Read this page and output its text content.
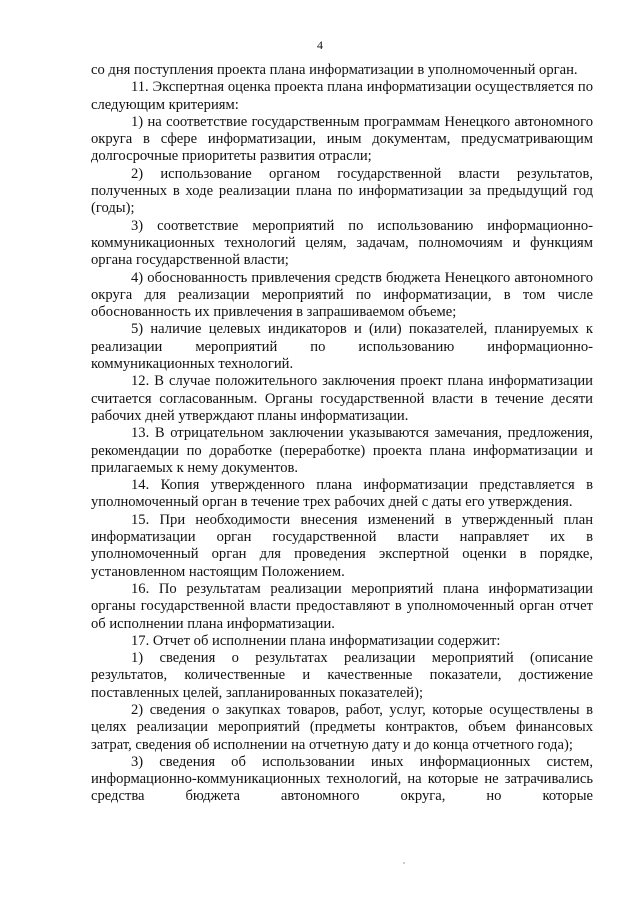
4

со дня поступления проекта плана информатизации в уполномоченный орган.

11. Экспертная оценка проекта плана информатизации осуществляется по следующим критериям:

1) на соответствие государственным программам Ненецкого автономного округа в сфере информатизации, иным документам, предусматривающим долгосрочные приоритеты развития отрасли;

2) использование органом государственной власти результатов, полученных в ходе реализации плана по информатизации за предыдущий год (годы);

3) соответствие мероприятий по использованию информационно-коммуникационных технологий целям, задачам, полномочиям и функциям органа государственной власти;

4) обоснованность привлечения средств бюджета Ненецкого автономного округа для реализации мероприятий по информатизации, в том числе обоснованность их привлечения в запрашиваемом объеме;

5) наличие целевых индикаторов и (или) показателей, планируемых к реализации мероприятий по использованию информационно-коммуникационных технологий.

12. В случае положительного заключения проект плана информатизации считается согласованным. Органы государственной власти в течение десяти рабочих дней утверждают планы информатизации.

13. В отрицательном заключении указываются замечания, предложения, рекомендации по доработке (переработке) проекта плана информатизации и прилагаемых к нему документов.

14. Копия утвержденного плана информатизации представляется в уполномоченный орган в течение трех рабочих дней с даты его утверждения.

15. При необходимости внесения изменений в утвержденный план информатизации орган государственной власти направляет их в уполномоченный орган для проведения экспертной оценки в порядке, установленном настоящим Положением.

16. По результатам реализации мероприятий плана информатизации органы государственной власти предоставляют в уполномоченный орган отчет об исполнении плана информатизации.

17. Отчет об исполнении плана информатизации содержит:

1) сведения о результатах реализации мероприятий (описание результатов, количественные и качественные показатели, достижение поставленных целей, запланированных показателей);

2) сведения о закупках товаров, работ, услуг, которые осуществлены в целях реализации мероприятий (предметы контрактов, объем финансовых затрат, сведения об исполнении на отчетную дату и до конца отчетного года);

3) сведения об использовании иных информационных систем, информационно-коммуникационных технологий, на которые не затрачивались средства бюджета автономного округа, но которые
